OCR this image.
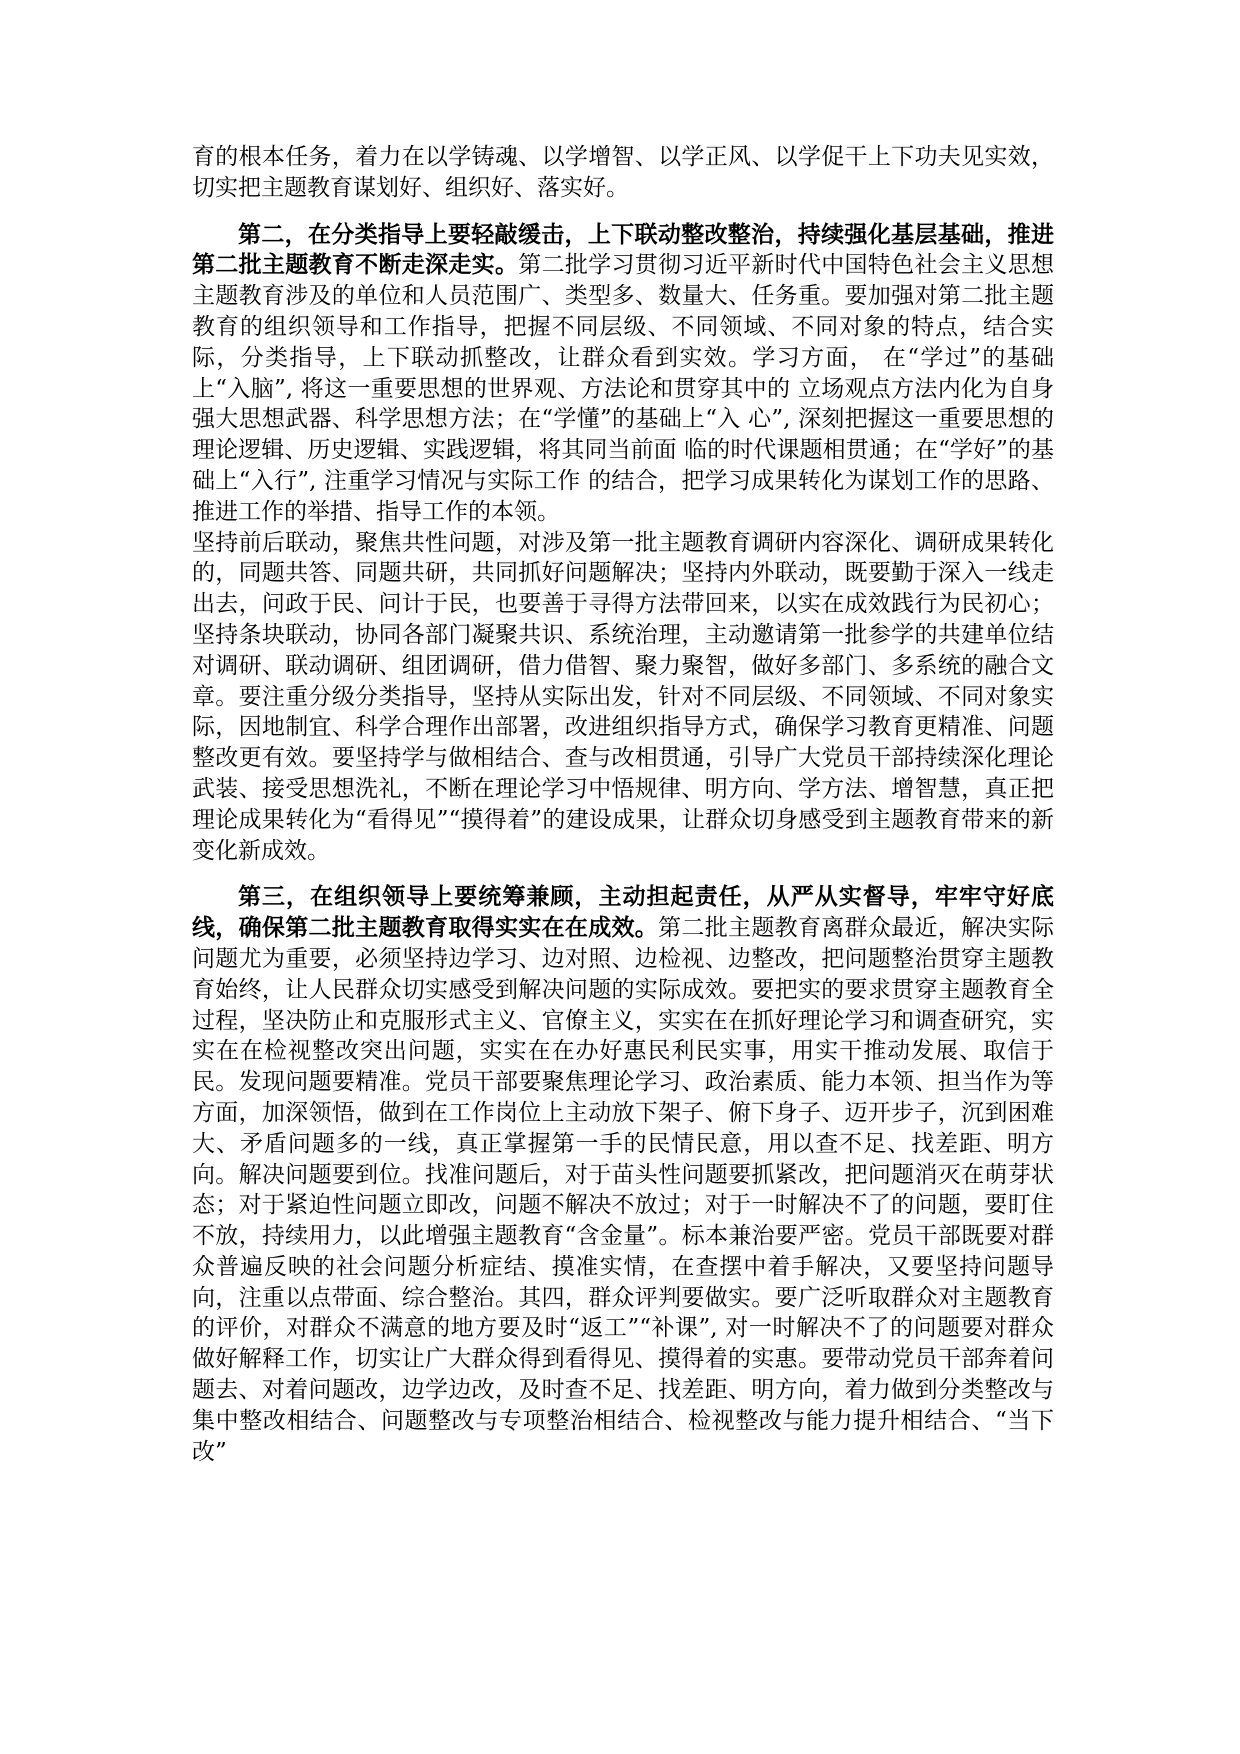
育的根本任务，着力在以学铸魂、以学增智、以学正风、以学促干上下功夫见实效，切实把主题教育谋划好、组织好、落实好。

第二，在分类指导上要轻敲缓击，上下联动整改整治，持续强化基层基础，推进第二批主题教育不断走深走实。第二批学习贯彻习近平新时代中国特色社会主义思想主题教育涉及的单位和人员范围广、类型多、数量大、任务重。要加强对第二批主题教育的组织领导和工作指导，把握不同层级、不同领域、不同对象的特点，结合实际，分类指导，上下联动抓整改，让群众看到实效。学习方面， 在“学过”的基础上“入脑”, 将这一重要思想的世界观、方法论和贯穿其中的 立场观点方法内化为自身强大思想武器、科学思想方法；在“学懂”的基础上“入 心”, 深刻把握这一重要思想的理论逻辑、历史逻辑、实践逻辑，将其同当前面 临的时代课题相贯通；在“学好”的基础上“入行”, 注重学习情况与实际工作 的结合，把学习成果转化为谋划工作的思路、推进工作的举措、指导工作的本领。

坚持前后联动，聚焦共性问题，对涉及第一批主题教育调研内容深化、调研成果转化的，同题共答、同题共研，共同抓好问题解决；坚持内外联动，既要勤于深入一线走出去，问政于民、问计于民，也要善于寻得方法带回来，以实在成效践行为民初心；坚持条块联动，协同各部门凝聚共识、系统治理，主动邀请第一批参学的共建单位结对调研、联动调研、组团调研，借力借智、聚力聚智，做好多部门、多系统的融合文章。要注重分级分类指导，坚持从实际出发，针对不同层级、不同领域、不同对象实际，因地制宜、科学合理作出部署，改进组织指导方式，确保学习教育更精准、问题整改更有效。要坚持学与做相结合、查与改相贯通，引导广大党员干部持续深化理论武装、接受思想洗礼，不断在理论学习中悟规律、明方向、学方法、增智慧，真正把理论成果转化为“看得见”“摸得着”的建设成果，让群众切身感受到主题教育带来的新变化新成效。

第三，在组织领导上要统筹兼顾，主动担起责任，从严从实督导，牢牢守好底线，确保第二批主题教育取得实实在在成效。第二批主题教育离群众最近，解决实际问题尤为重要，必须坚持边学习、边对照、边检视、边整改，把问题整治贯穿主题教育始终，让人民群众切实感受到解决问题的实际成效。要把实的要求贯穿主题教育全过程，坚决防止和克服形式主义、官僚主义，实实在在抓好理论学习和调查研究，实实在在检视整改突出问题，实实在在办好惠民利民实事，用实干推动发展、取信于民。发现问题要精准。党员干部要聚焦理论学习、政治素质、能力本领、担当作为等方面，加深领悟，做到在工作岗位上主动放下架子、俯下身子、迈开步子，沉到困难大、矛盾问题多的一线，真正掌握第一手的民情民意，用以查不足、找差距、明方向。解决问题要到位。找准问题后，对于苗头性问题要抓紧改，把问题消灭在萌芽状态；对于紧迫性问题立即改，问题不解决不放过；对于一时解决不了的问题，要盯住不放，持续用力，以此增强主题教育“含金量”。标本兼治要严密。党员干部既要对群众普遍反映的社会问题分析症结、摸准实情，在查摆中着手解决，又要坚持问题导向，注重以点带面、综合整治。其四，群众评判要做实。要广泛听取群众对主题教育的评价，对群众不满意的地方要及时“返工”“补课”, 对一时解决不了的问题要对群众做好解释工作，切实让广大群众得到看得见、摸得着的实惠。要带动党员干部奔着问题去、对着问题改，边学边改，及时查不足、找差距、明方向，着力做到分类整改与集中整改相结合、问题整改与专项整治相结合、检视整改与能力提升相结合、“当下改”
